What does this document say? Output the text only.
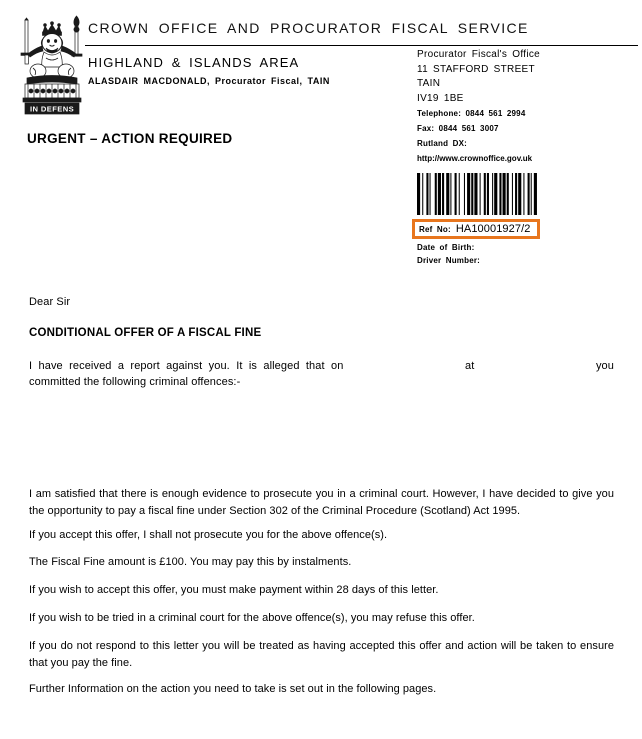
IN DEFENS
CROWN OFFICE AND PROCURATOR FISCAL SERVICE
HIGHLAND & ISLANDS AREA
ALASDAIR MACDONALD, Procurator Fiscal, TAIN
Procurator Fiscal's Office
11 STAFFORD STREET
TAIN
IV19 1BE
Telephone: 0844 561 2994
Fax: 0844 561 3007
Rutland DX:
http://www.crownoffice.gov.uk
URGENT – ACTION REQUIRED
Ref No: HA10001927/2
Date of Birth:
Driver Number:
Dear Sir
CONDITIONAL OFFER OF A FISCAL FINE
I have received a report against you. It is alleged that on	at	you
committed the following criminal offences:-
I am satisfied that there is enough evidence to prosecute you in a criminal court. However, I have decided to give you the opportunity to pay a fiscal fine under Section 302 of the Criminal Procedure (Scotland) Act 1995.
If you accept this offer, I shall not prosecute you for the above offence(s).
The Fiscal Fine amount is £100. You may pay this by instalments.
If you wish to accept this offer, you must make payment within 28 days of this letter.
If you wish to be tried in a criminal court for the above offence(s), you may refuse this offer.
If you do not respond to this letter you will be treated as having accepted this offer and action will be taken to ensure that you pay the fine.
Further Information on the action you need to take is set out in the following pages.
